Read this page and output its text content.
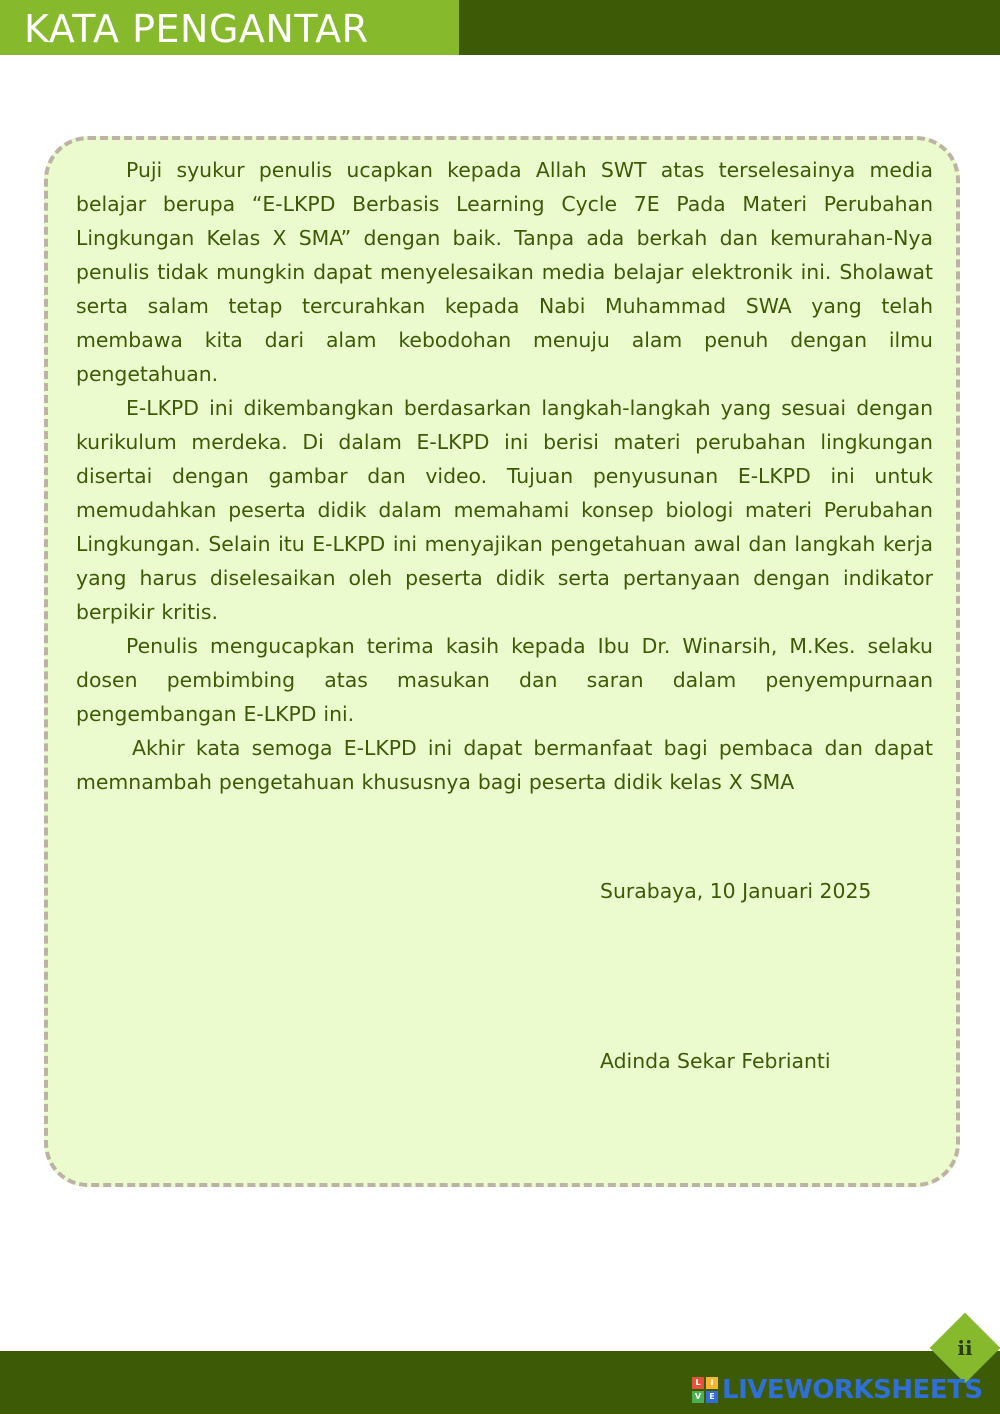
KATA PENGANTAR

Puji syukur penulis ucapkan kepada Allah SWT atas terselesainya media belajar berupa “E-LKPD Berbasis Learning Cycle 7E Pada Materi Perubahan Lingkungan Kelas X SMA” dengan baik. Tanpa ada berkah dan kemurahan-Nya penulis tidak mungkin dapat menyelesaikan media belajar elektronik ini. Sholawat serta salam tetap tercurahkan kepada Nabi Muhammad SWA yang telah membawa kita dari alam kebodohan menuju alam penuh dengan ilmu pengetahuan.

E-LKPD ini dikembangkan berdasarkan langkah-langkah yang sesuai dengan kurikulum merdeka. Di dalam E-LKPD ini berisi materi perubahan lingkungan disertai dengan gambar dan video. Tujuan penyusunan E-LKPD ini untuk memudahkan peserta didik dalam memahami konsep biologi materi Perubahan Lingkungan. Selain itu E-LKPD ini menyajikan pengetahuan awal dan langkah kerja yang harus diselesaikan oleh peserta didik serta pertanyaan dengan indikator berpikir kritis.

Penulis mengucapkan terima kasih kepada Ibu Dr. Winarsih, M.Kes. selaku dosen pembimbing atas masukan dan saran dalam penyempurnaan pengembangan E-LKPD ini.

Akhir kata semoga E-LKPD ini dapat bermanfaat bagi pembaca dan dapat memnambah pengetahuan khususnya bagi peserta didik kelas X SMA

Surabaya, 10 Januari 2025

Adinda Sekar Febrianti

ii
L	I
V	E LIVEWORKSHEETS
